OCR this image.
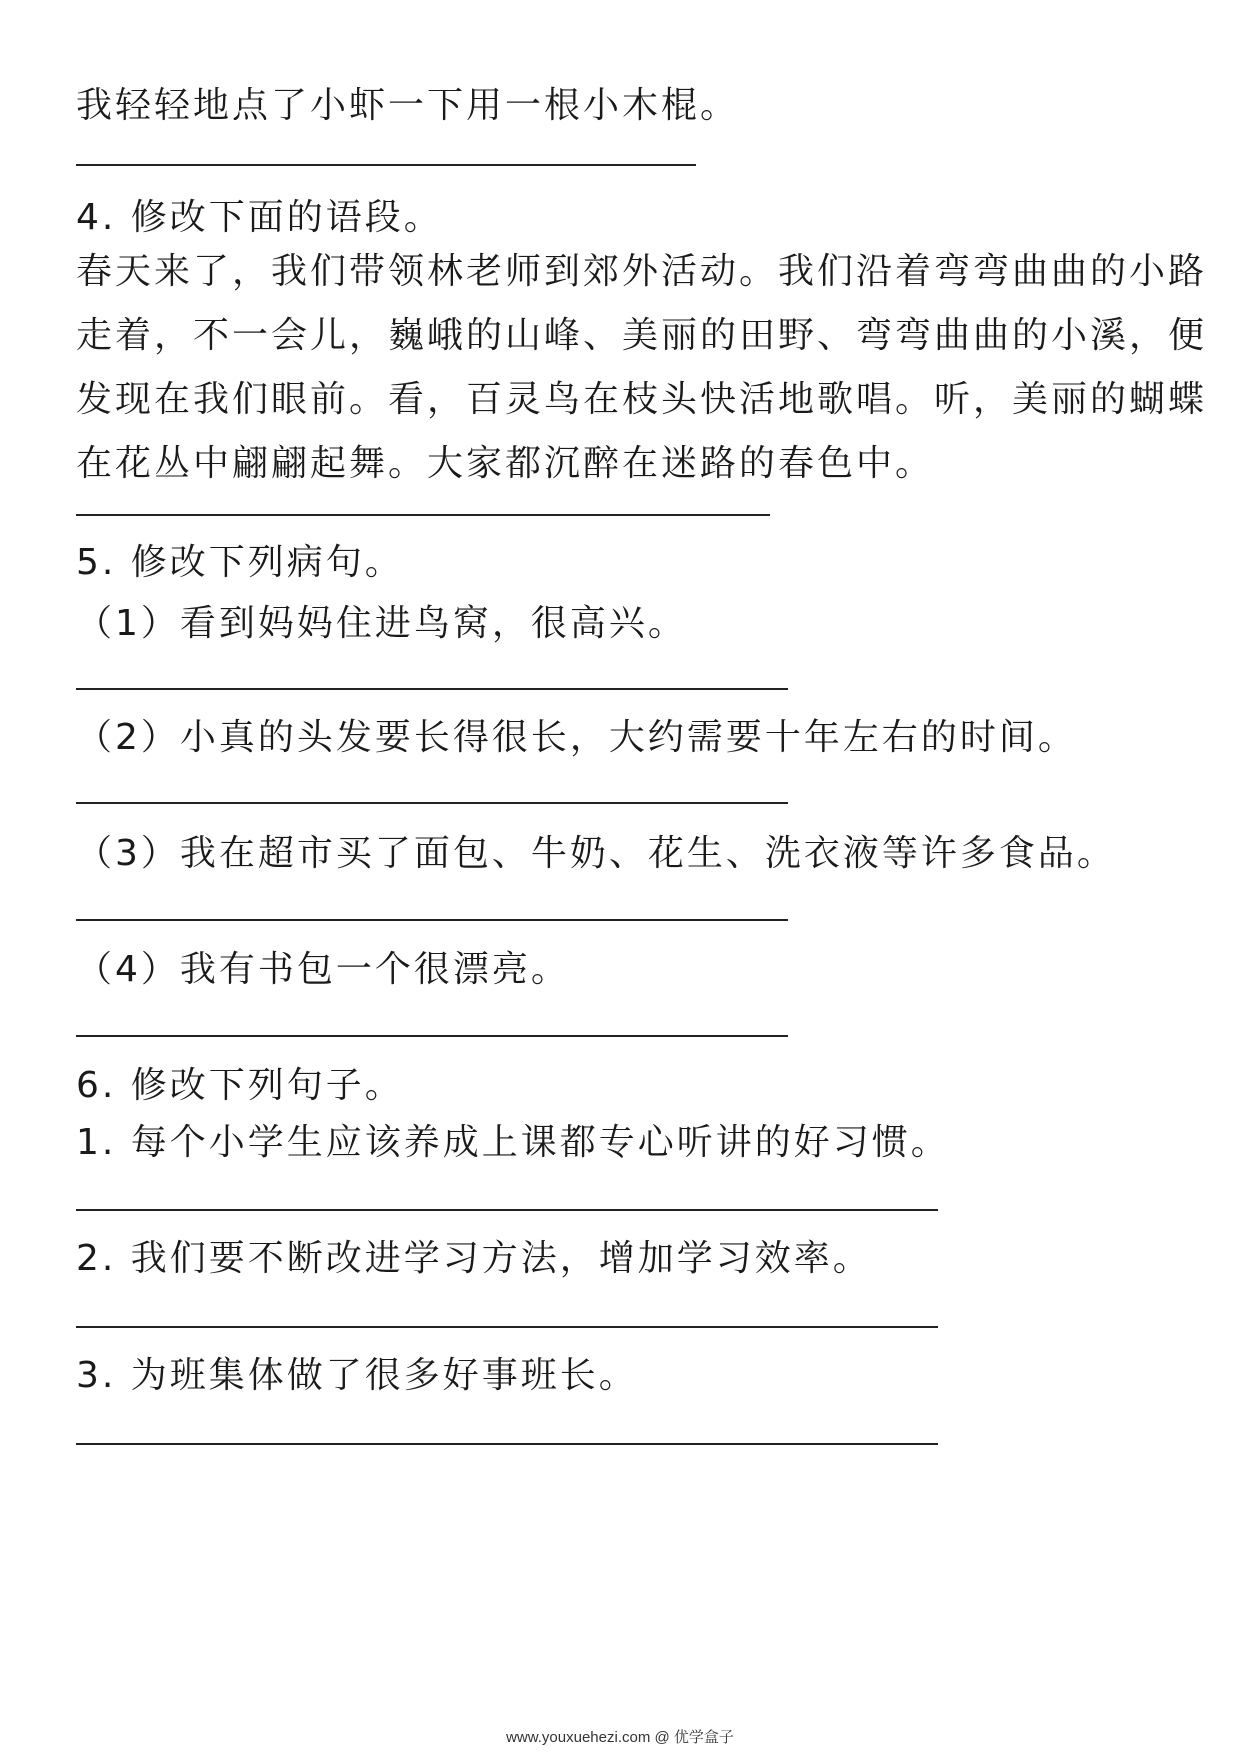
我轻轻地点了小虾一下用一根小木棍。
4. 修改下面的语段。
春天来了，我们带领林老师到郊外活动。我们沿着弯弯曲曲的小路
走着，不一会儿，巍峨的山峰、美丽的田野、弯弯曲曲的小溪，便
发现在我们眼前。看，百灵鸟在枝头快活地歌唱。听，美丽的蝴蝶
在花丛中翩翩起舞。大家都沉醉在迷路的春色中。
5. 修改下列病句。
（1）看到妈妈住进鸟窝，很高兴。
（2）小真的头发要长得很长，大约需要十年左右的时间。
（3）我在超市买了面包、牛奶、花生、洗衣液等许多食品。
（4）我有书包一个很漂亮。
6. 修改下列句子。
1. 每个小学生应该养成上课都专心听讲的好习惯。
2. 我们要不断改进学习方法，增加学习效率。
3. 为班集体做了很多好事班长。
www.youxuehezi.com @ 优学盒子
